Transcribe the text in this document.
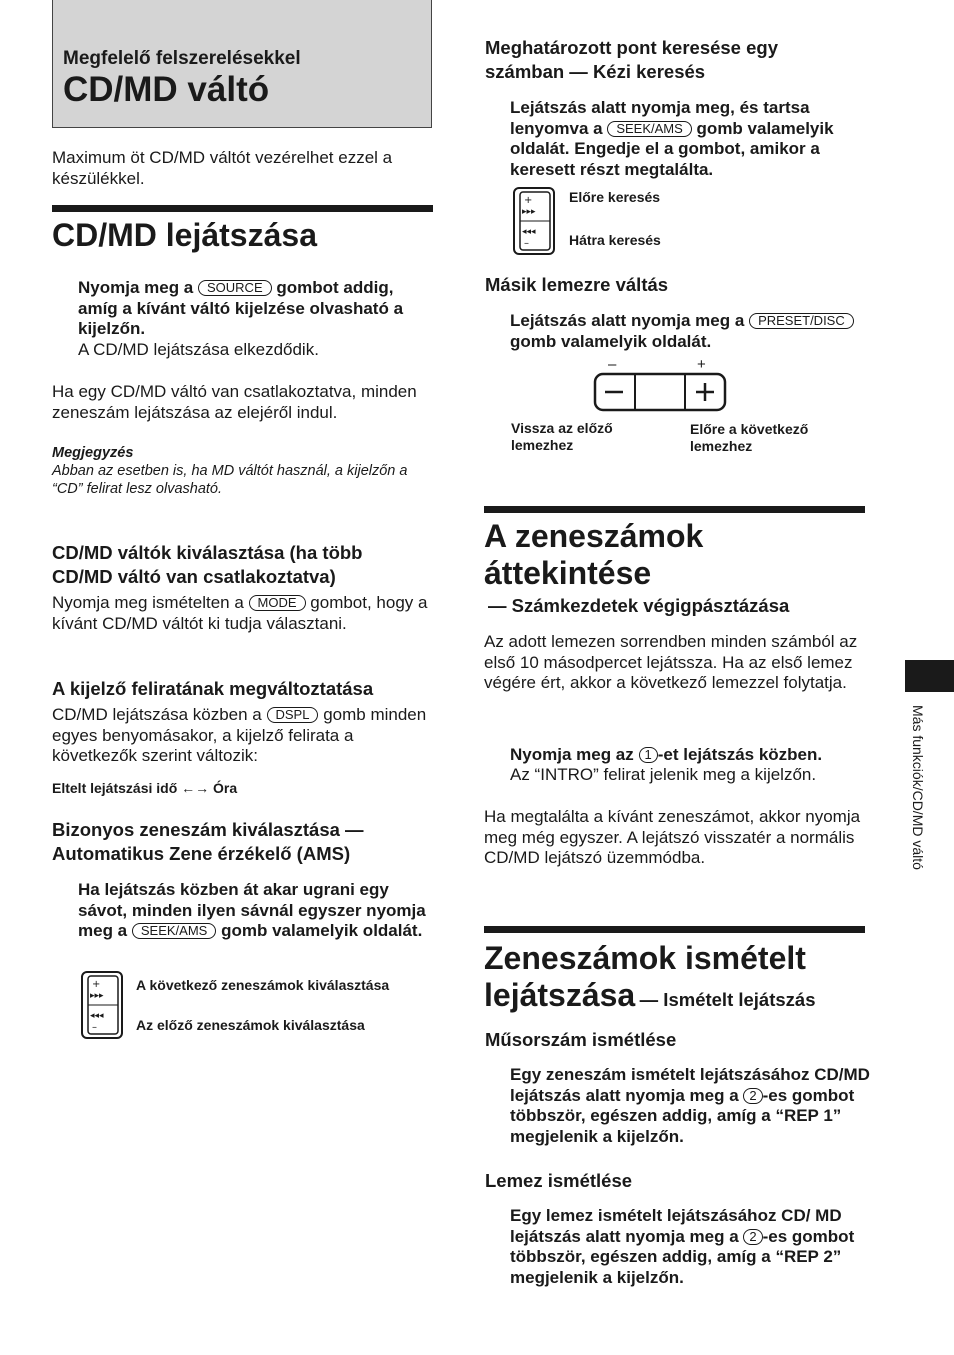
Megfelelő felszerelésekkel
CD/MD váltó
Maximum öt CD/MD váltót vezérelhet ezzel a készülékkel.
CD/MD lejátszása
Nyomja meg a SOURCE gombot addig, amíg a kívánt váltó kijelzése olvasható a kijelzőn.
A CD/MD lejátszása elkezdődik.
Ha egy CD/MD váltó van csatlakoztatva, minden zeneszám lejátszása az elejéről indul.
Megjegyzés
Abban az esetben is, ha MD váltót használ, a kijelzőn a “CD” felirat lesz olvasható.
CD/MD váltók kiválasztása (ha több CD/MD váltó van csatlakoztatva)
Nyomja meg ismételten a MODE gombot, hogy a kívánt CD/MD váltót ki tudja választani.
A kijelző feliratának megváltoztatása
CD/MD lejátszása közben a DSPL gomb minden egyes benyomásakor, a kijelző felirata a következők szerint változik:
Eltelt lejátszási idő ←→ Óra
Bizonyos zeneszám kiválasztása — Automatikus Zene érzékelő (AMS)
Ha lejátszás közben át akar ugrani egy sávot, minden ilyen sávnál egyszer nyomja meg a SEEK/AMS gomb valamelyik oldalát.
+
▸▸▸
◂◂◂
–
A következő zeneszámok kiválasztása
Az előző zeneszámok kiválasztása
Meghatározott pont keresése egy számban — Kézi keresés
Lejátszás alatt nyomja meg, és tartsa lenyomva a SEEK/AMS gomb valamelyik oldalát. Engedje el a gombot, amikor a keresett részt megtalálta.
+
▸▸▸
◂◂◂
–
Előre keresés
Hátra keresés
Másik lemezre váltás
Lejátszás alatt nyomja meg a PRESET/DISC gomb valamelyik oldalát.
–	+
Vissza az előző lemezhez
Előre a következő lemezhez
A zeneszámok áttekintése
— Számkezdetek végigpásztázása
Az adott lemezen sorrendben minden számból az első 10 másodpercet lejátssza. Ha az első lemez végére ért, akkor a következő lemezzel folytatja.
Nyomja meg az 1 -et lejátszás közben.
Az “INTRO” felirat jelenik meg a kijelzőn.
Ha megtalálta a kívánt zeneszámot, akkor nyomja meg még egyszer. A lejátszó visszatér a normális CD/MD lejátszó üzemmódba.
Zeneszámok ismételt
lejátszása — Ismételt lejátszás
Műsorszám ismétlése
Egy zeneszám ismételt lejátszásához CD/MD lejátszás alatt nyomja meg a 2 -es gombot többször, egészen addig, amíg a “REP 1” megjelenik a kijelzőn.
Lemez ismétlése
Egy lemez ismételt lejátszásához CD/ MD lejátszás alatt nyomja meg a 2 -es gombot többször, egészen addig, amíg a “REP 2” megjelenik a kijelzőn.
Más funkciók/CD/MD váltó
